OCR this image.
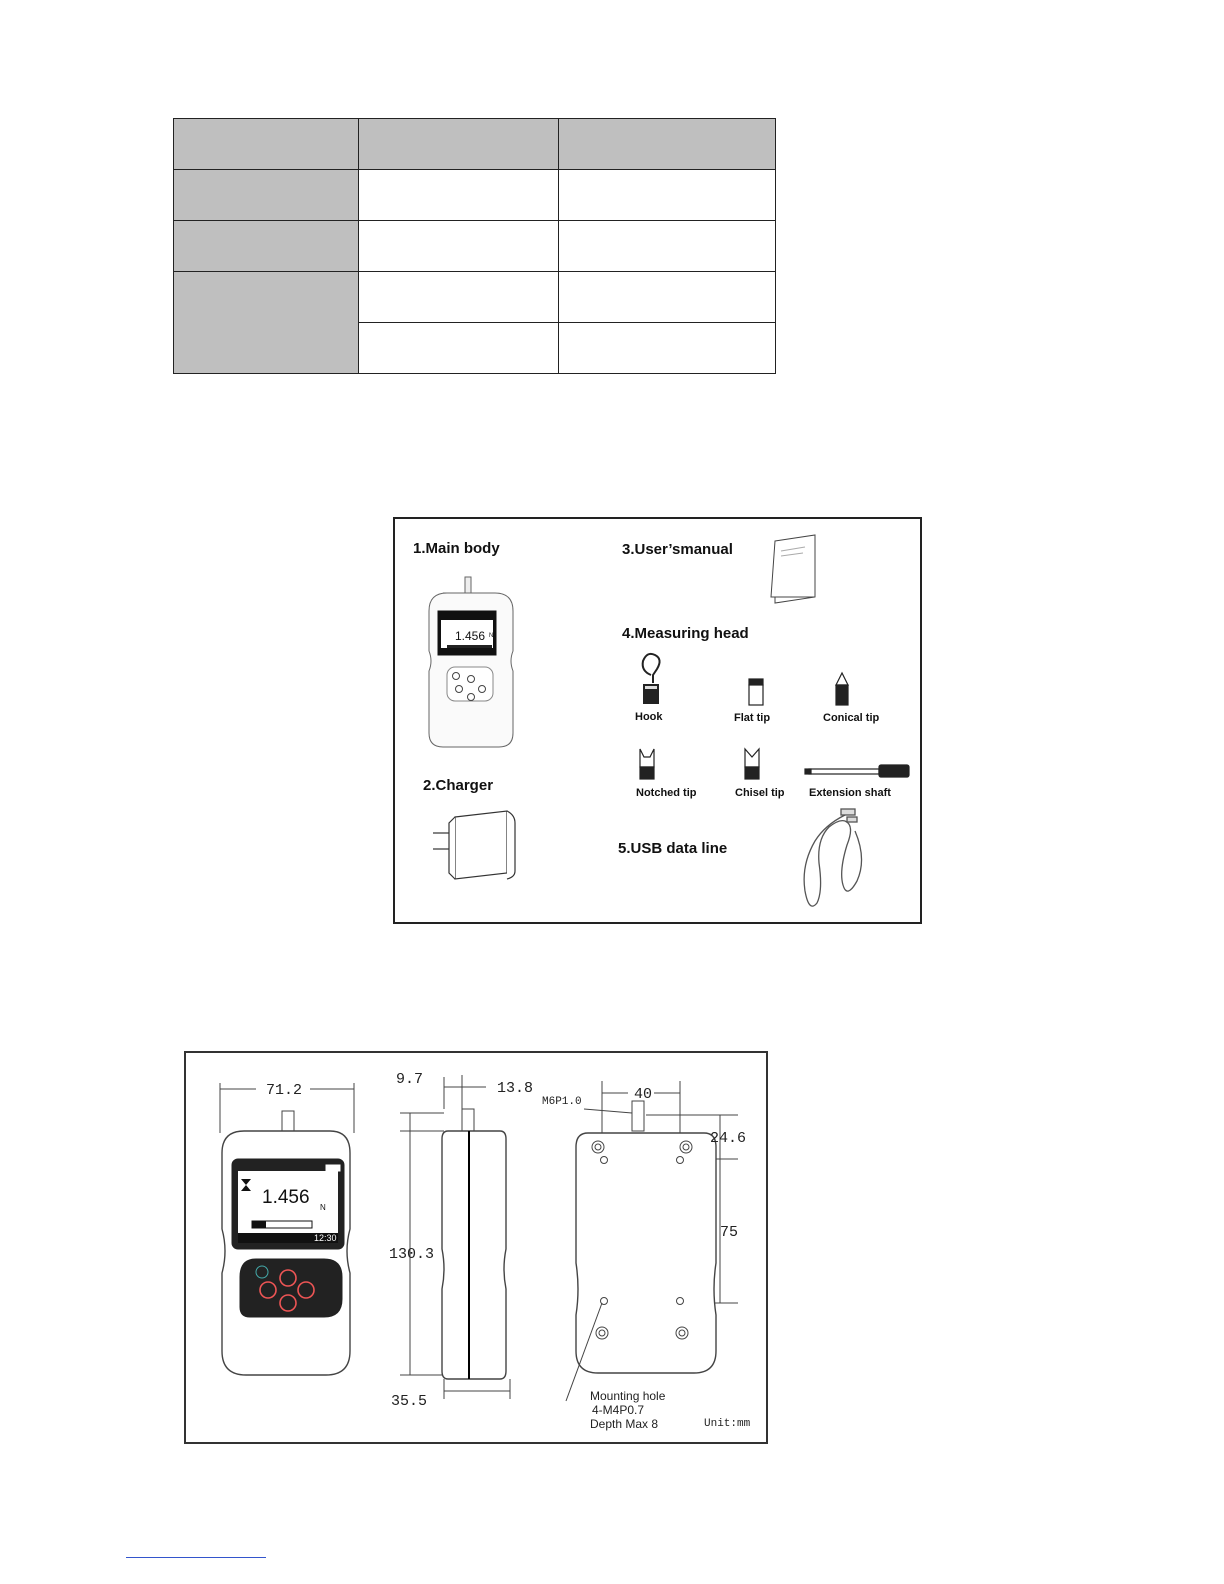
1.Main body
2.Charger
3.User’smanual
4.Measuring head
5.USB data line
Hook	Flat tip	Conical tip
Notched tip	Chisel tip Extension shaft
1.456 N
71.2
9.7
13.8
130.3
35.5
M6P1.0	40
24.6
75
Mounting hole
4-M4P0.7
Depth Max 8	Unit:mm
1.456 N
12:30
